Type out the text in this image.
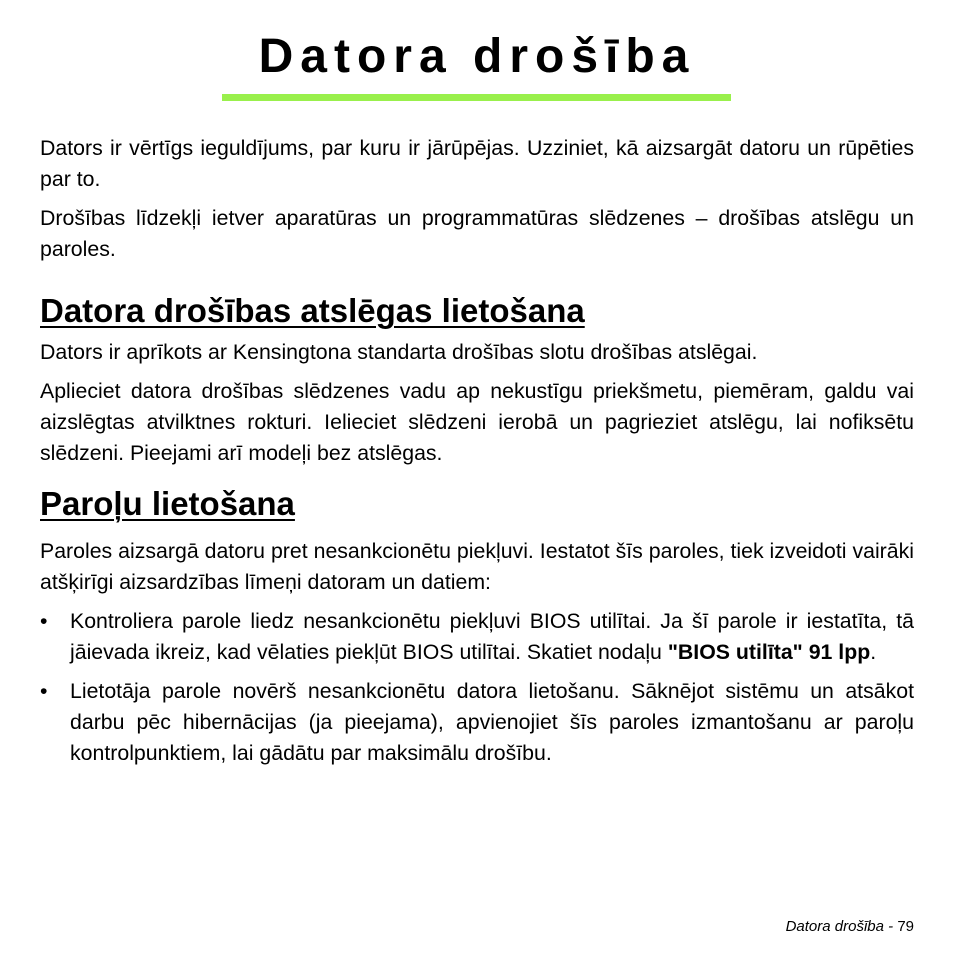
Datora drošība

Dators ir vērtīgs ieguldījums, par kuru ir jārūpējas. Uzziniet, kā aizsargāt datoru un rūpēties par to.

Drošības līdzekļi ietver aparatūras un programmatūras slēdzenes – drošības atslēgu un paroles.

Datora drošības atslēgas lietošana

Dators ir aprīkots ar Kensingtona standarta drošības slotu drošības atslēgai.

Aplieciet datora drošības slēdzenes vadu ap nekustīgu priekšmetu, piemēram, galdu vai aizslēgtas atvilktnes rokturi. Ielieciet slēdzeni ierobā un pagrieziet atslēgu, lai nofiksētu slēdzeni. Pieejami arī modeļi bez atslēgas.

Paroļu lietošana

Paroles aizsargā datoru pret nesankcionētu piekļuvi. Iestatot šīs paroles, tiek izveidoti vairāki atšķirīgi aizsardzības līmeņi datoram un datiem:

• Kontroliera parole liedz nesankcionētu piekļuvi BIOS utilītai. Ja šī parole ir iestatīta, tā jāievada ikreiz, kad vēlaties piekļūt BIOS utilītai. Skatiet nodaļu "BIOS utilīta" 91 lpp.
• Lietotāja parole novērš nesankcionētu datora lietošanu. Sāknējot sistēmu un atsākot darbu pēc hibernācijas (ja pieejama), apvienojiet šīs paroles izmantošanu ar paroļu kontrolpunktiem, lai gādātu par maksimālu drošību.
Datora drošība - 79
